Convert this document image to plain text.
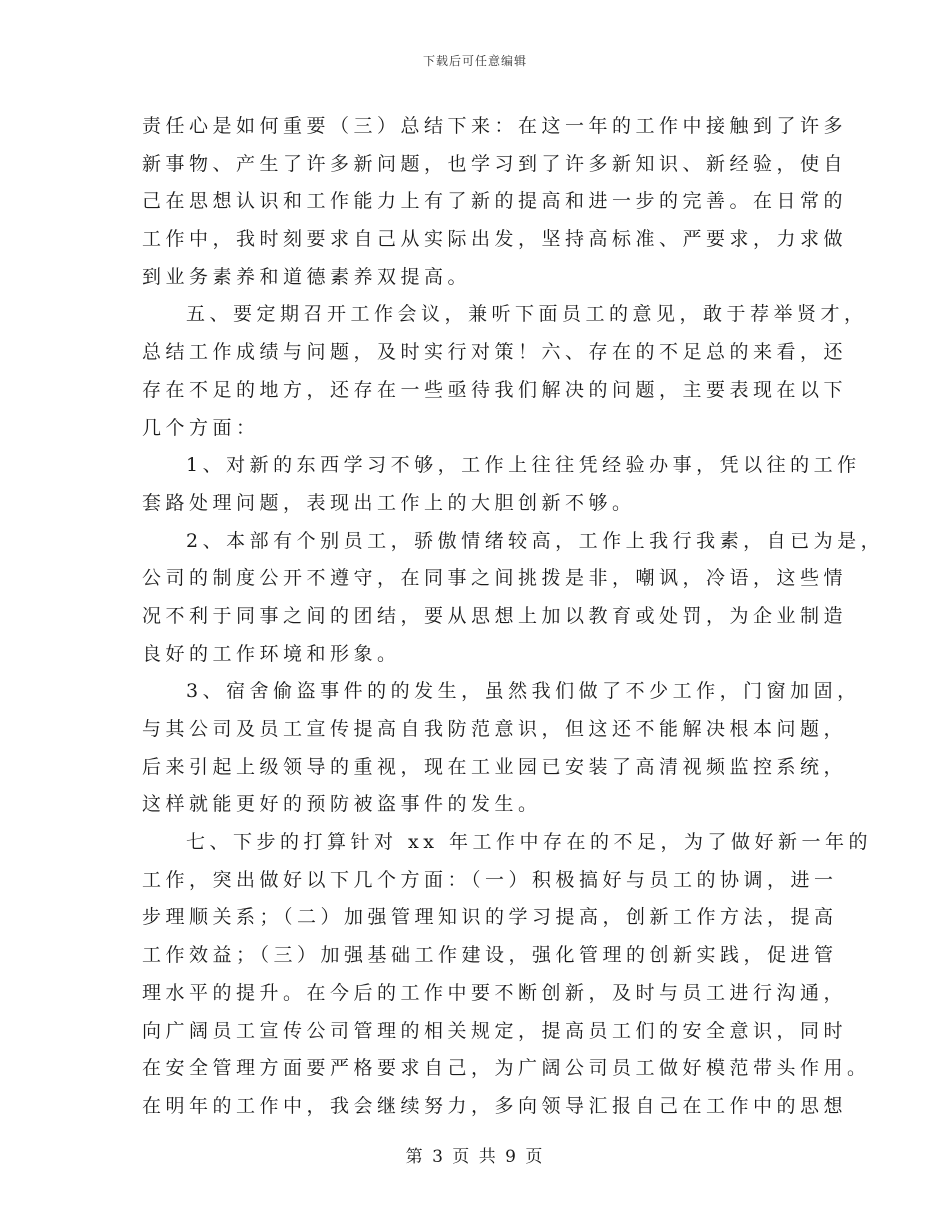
下载后可任意编辑
责任心是如何重要（三）总结下来：在这一年的工作中接触到了许多
新事物、产生了许多新问题，也学习到了许多新知识、新经验，使自
己在思想认识和工作能力上有了新的提高和进一步的完善。在日常的
工作中，我时刻要求自己从实际出发，坚持高标准、严要求，力求做
到业务素养和道德素养双提高。
五、要定期召开工作会议，兼听下面员工的意见，敢于荐举贤才，
总结工作成绩与问题，及时实行对策！六、存在的不足总的来看，还
存在不足的地方，还存在一些亟待我们解决的问题，主要表现在以下
几个方面：
1、对新的东西学习不够，工作上往往凭经验办事，凭以往的工作
套路处理问题，表现出工作上的大胆创新不够。
2、本部有个别员工，骄傲情绪较高，工作上我行我素，自已为是，
公司的制度公开不遵守，在同事之间挑拨是非，嘲讽，冷语，这些情
况不利于同事之间的团结，要从思想上加以教育或处罚，为企业制造
良好的工作环境和形象。
3、宿舍偷盗事件的的发生，虽然我们做了不少工作，门窗加固，
与其公司及员工宣传提高自我防范意识，但这还不能解决根本问题，
后来引起上级领导的重视，现在工业园已安装了高清视频监控系统，
这样就能更好的预防被盗事件的发生。
七、下步的打算针对 xx 年工作中存在的不足，为了做好新一年的
工作，突出做好以下几个方面：（一）积极搞好与员工的协调，进一
步理顺关系；（二）加强管理知识的学习提高，创新工作方法，提高
工作效益；（三）加强基础工作建设，强化管理的创新实践，促进管
理水平的提升。在今后的工作中要不断创新，及时与员工进行沟通，
向广阔员工宣传公司管理的相关规定，提高员工们的安全意识，同时
在安全管理方面要严格要求自己，为广阔公司员工做好模范带头作用。
在明年的工作中，我会继续努力，多向领导汇报自己在工作中的思想
第 3 页 共 9 页
